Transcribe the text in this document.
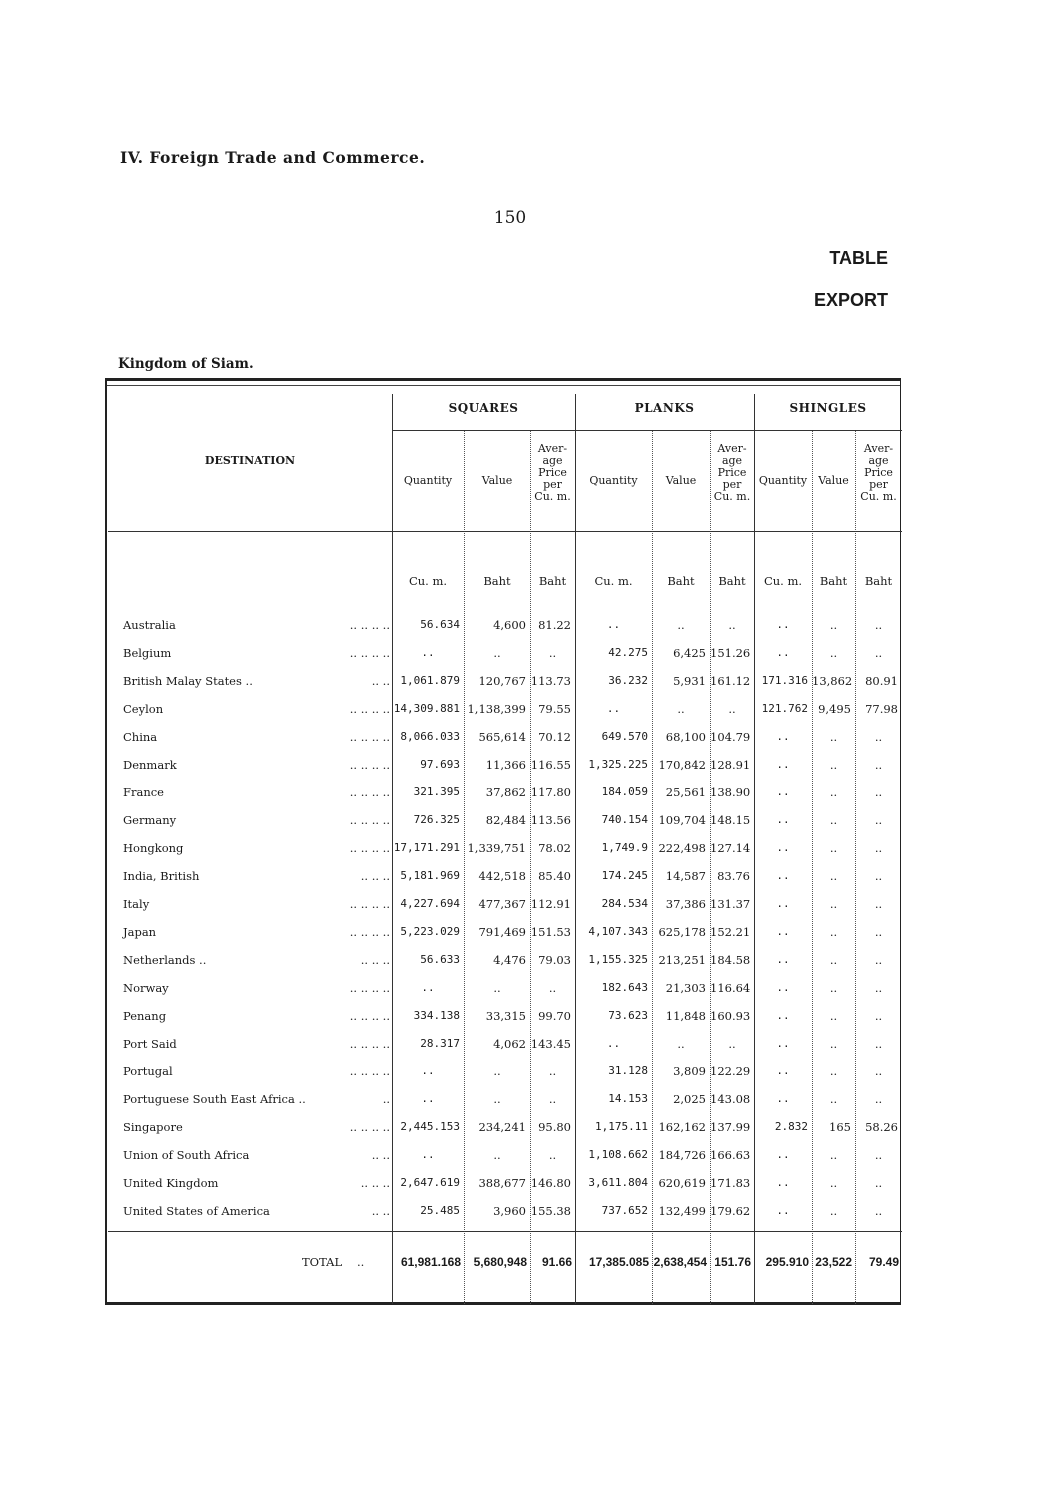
IV. Foreign Trade and Commerce.
150
TABLE
EXPORT
Kingdom of Siam.
DESTINATION
SQUARES	PLANKS	SHINGLES
Quantity	Value
Aver-
age
Price
per
Cu. m.
Quantity	Value
Aver-
age
Price
per
Cu. m.
Quantity	Value
Aver-
age
Price
per
Cu. m.
Cu. m.	Baht	Baht	Cu. m.	Baht	Baht	Cu. m.	Baht	Baht
Australia	.. .. .. ..	56.634	4,600	81.22	..	..	..	..	..	..
Belgium	.. .. .. ..	..	..	..	42.275	6,425 151.26	..	..	..
British Malay States ..	.. .. 1,061.879	120,767 113.73	36.232	5,931 161.12	171.316 13,862	80.91
Ceylon	.. .. .. .. 14,309.881 1,138,399	79.55	..	..	..	121.762 9,495	77.98
China	.. .. .. .. 8,066.033	565,614	70.12	649.570	68,100 104.79	..	..	..
Denmark	.. .. .. ..	97.693	11,366 116.55	1,325.225 170,842 128.91	..	..	..
France	.. .. .. ..	321.395	37,862 117.80	184.059	25,561 138.90	..	..	..
Germany	.. .. .. ..	726.325	82,484 113.56	740.154 109,704 148.15	..	..	..
Hongkong	.. .. .. .. 17,171.291 1,339,751	78.02	1,749.9 222,498 127.14	..	..	..
India, British	.. .. .. 5,181.969	442,518	85.40	174.245	14,587 83.76	..	..	..
Italy	.. .. .. .. 4,227.694	477,367 112.91	284.534	37,386 131.37	..	..	..
Japan	.. .. .. .. 5,223.029	791,469 151.53	4,107.343 625,178 152.21	..	..	..
Netherlands ..	.. .. ..	56.633	4,476	79.03	1,155.325 213,251 184.58	..	..	..
Norway	.. .. .. ..	..	..	..	182.643	21,303 116.64	..	..	..
Penang	.. .. .. ..	334.138	33,315	99.70	73.623	11,848 160.93	..	..	..
Port Said	.. .. .. ..	28.317	4,062 143.45	..	..	..	..	..	..
Portugal	.. .. .. ..	..	..	..	31.128	3,809 122.29	..	..	..
Portuguese South East Africa ..	..	..	..	..	14.153	2,025 143.08	..	..	..
Singapore	.. .. .. .. 2,445.153	234,241	95.80	1,175.11 162,162 137.99	2.832	165	58.26
Union of South Africa	.. ..	..	..	..	1,108.662 184,726 166.63	..	..	..
United Kingdom	.. .. .. 2,647.619	388,677 146.80	3,611.804 620,619 171.83	..	..	..
United States of America	.. ..	25.485	3,960 155.38	737.652 132,499 179.62	..	..	..
TOTAL	..	61,981.168	5,680,948	91.66	17,385.085 2,638,454 151.76	295.910 23,522	79.49
